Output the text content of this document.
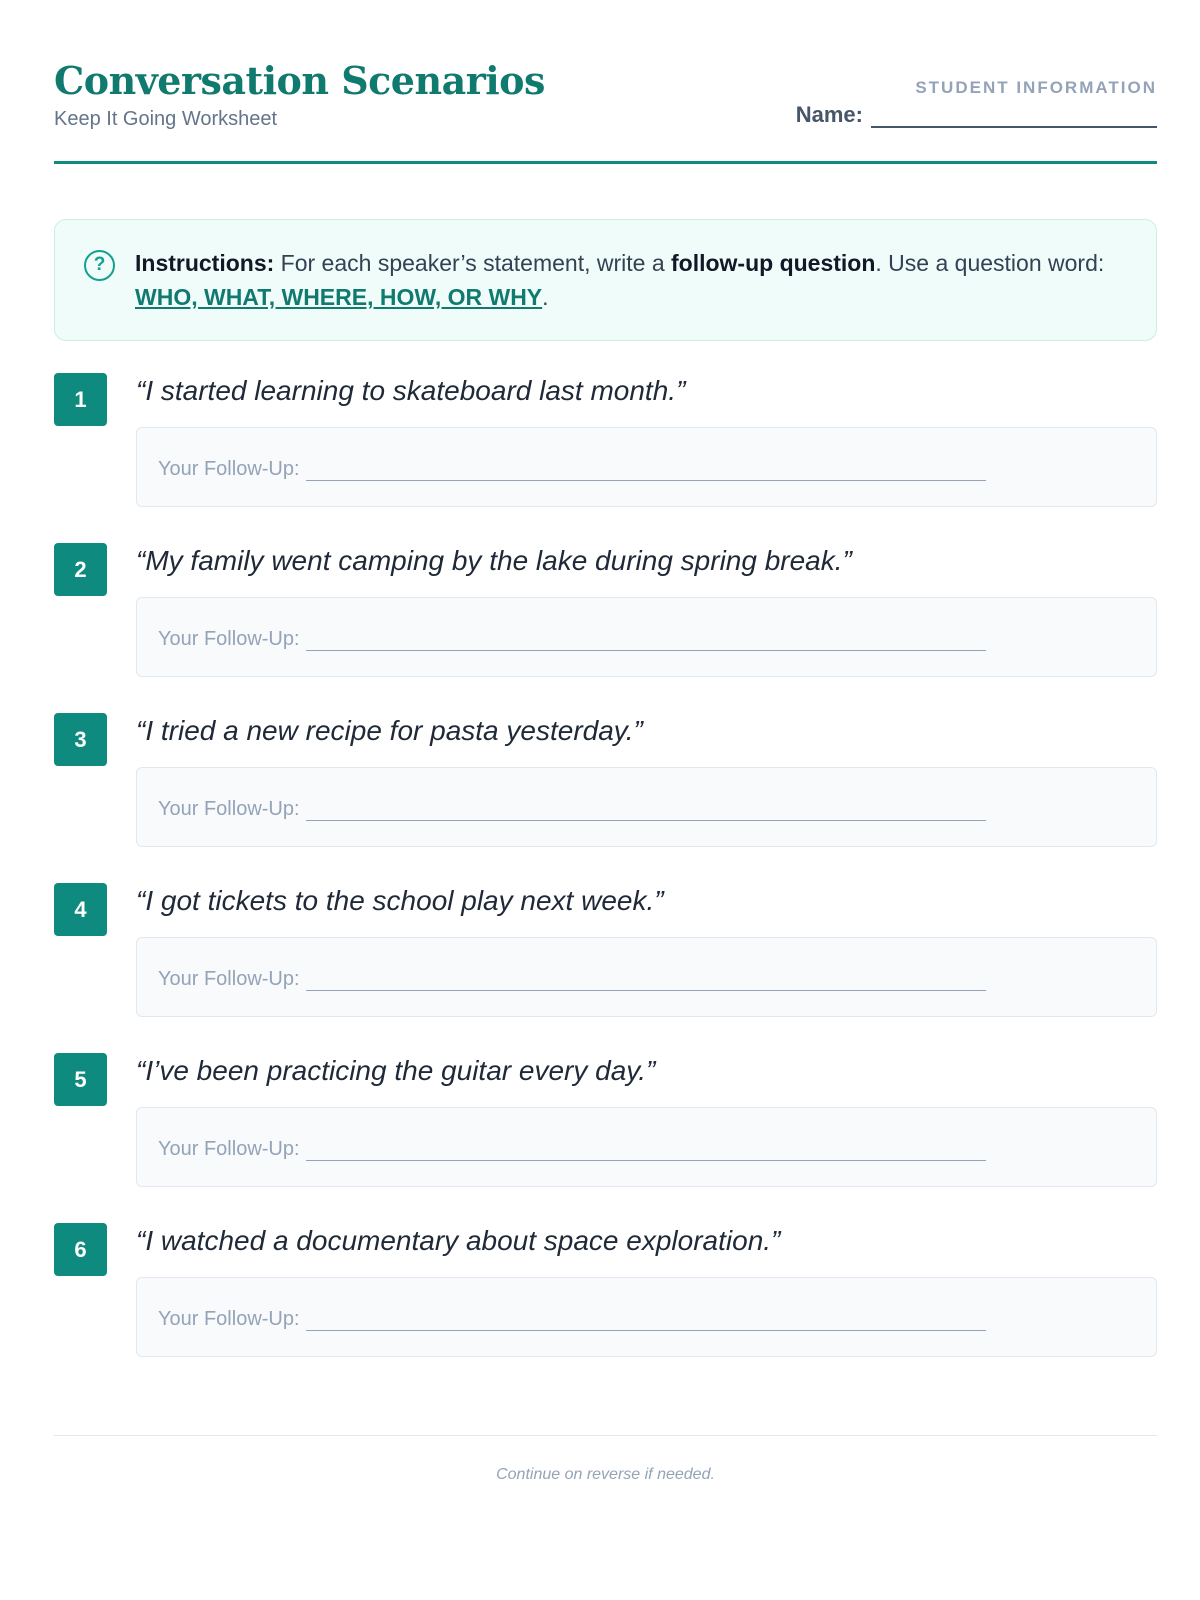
Conversation Scenarios
Keep It Going Worksheet
STUDENT INFORMATION
Name:
?	Instructions: For each speaker’s statement, write a follow-up question. Use a question word: WHO, WHAT, WHERE, HOW, OR WHY.
1	“I started learning to skateboard last month.”
Your Follow-Up:
2	“My family went camping by the lake during spring break.”
Your Follow-Up:
3	“I tried a new recipe for pasta yesterday.”
Your Follow-Up:
4	“I got tickets to the school play next week.”
Your Follow-Up:
5	“I’ve been practicing the guitar every day.”
Your Follow-Up:
6	“I watched a documentary about space exploration.”
Your Follow-Up:
Continue on reverse if needed.
